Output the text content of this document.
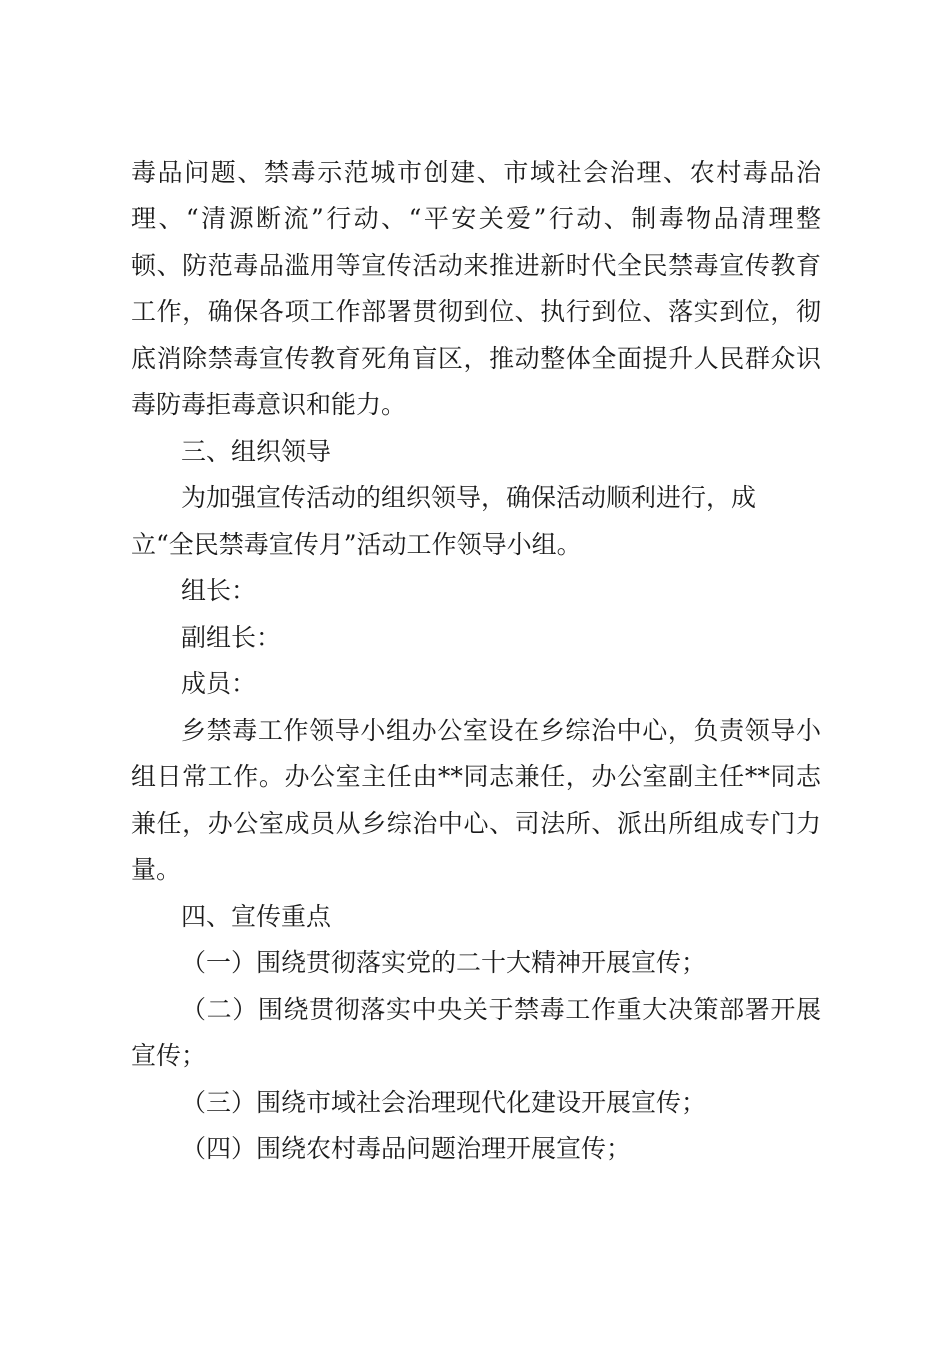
毒品问题、禁毒示范城市创建、市域社会治理、农村毒品治
理、“清源断流”行动、“平安关爱”行动、制毒物品清理整
顿、防范毒品滥用等宣传活动来推进新时代全民禁毒宣传教育
工作，确保各项工作部署贯彻到位、执行到位、落实到位，彻
底消除禁毒宣传教育死角盲区，推动整体全面提升人民群众识
毒防毒拒毒意识和能力。
三、组织领导
为加强宣传活动的组织领导，确保活动顺利进行，成
立“全民禁毒宣传月”活动工作领导小组。
组长：
副组长：
成员：
乡禁毒工作领导小组办公室设在乡综治中心，负责领导小
组日常工作。办公室主任由**同志兼任，办公室副主任**同志
兼任，办公室成员从乡综治中心、司法所、派出所组成专门力
量。
四、宣传重点
（一）围绕贯彻落实党的二十大精神开展宣传；
（二）围绕贯彻落实中央关于禁毒工作重大决策部署开展
宣传；
（三）围绕市域社会治理现代化建设开展宣传；
（四）围绕农村毒品问题治理开展宣传；
